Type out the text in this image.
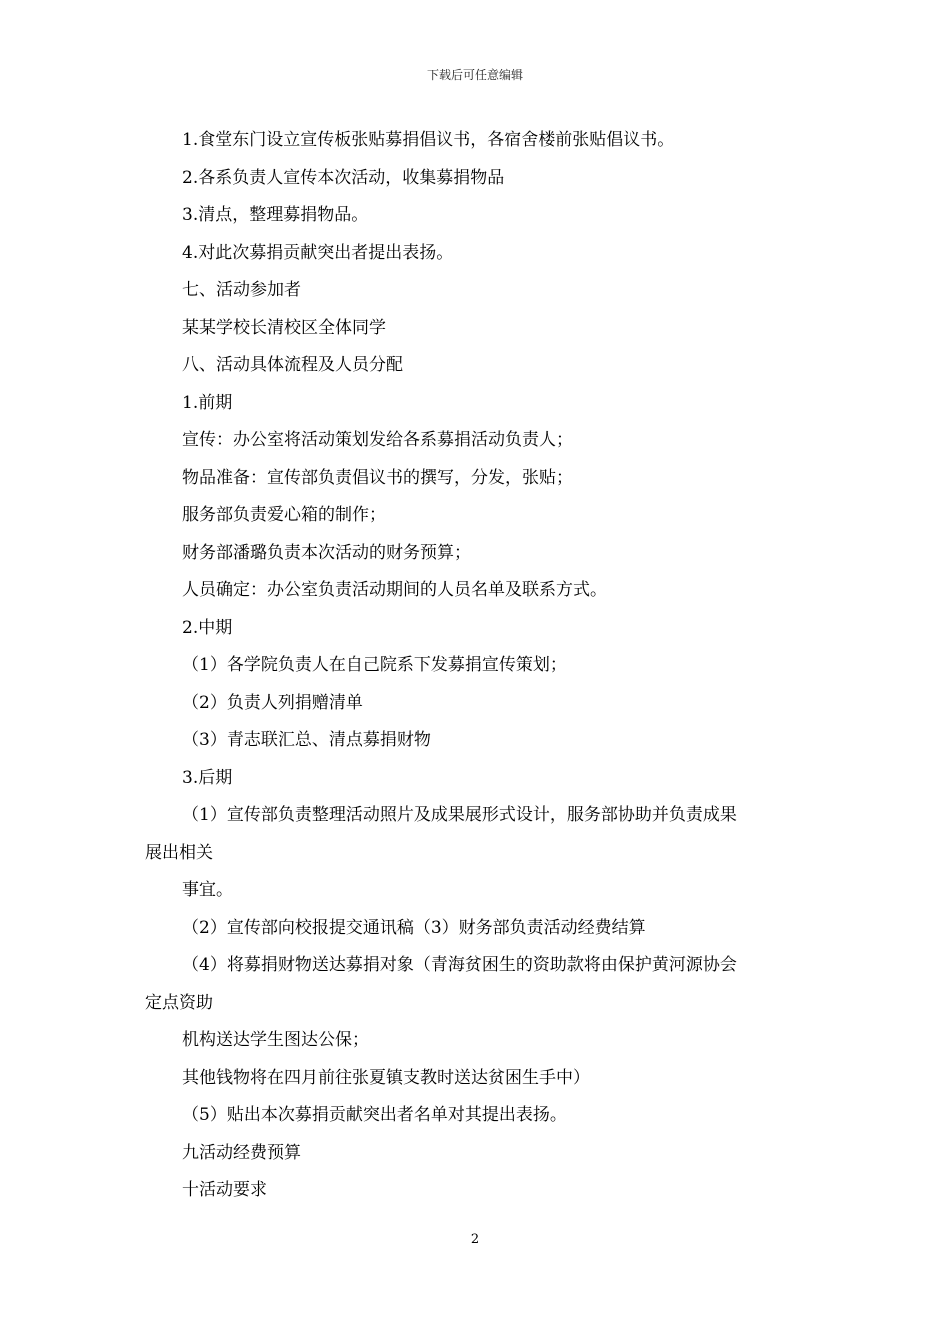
下载后可任意编辑
1.食堂东门设立宣传板张贴募捐倡议书，各宿舍楼前张贴倡议书。
2.各系负责人宣传本次活动，收集募捐物品
3.清点，整理募捐物品。
4.对此次募捐贡献突出者提出表扬。
七、活动参加者
某某学校长清校区全体同学
八、活动具体流程及人员分配
1.前期
宣传：办公室将活动策划发给各系募捐活动负责人；
物品准备：宣传部负责倡议书的撰写，分发，张贴；
服务部负责爱心箱的制作；
财务部潘璐负责本次活动的财务预算；
人员确定：办公室负责活动期间的人员名单及联系方式。
2.中期
（1）各学院负责人在自己院系下发募捐宣传策划；
（2）负责人列捐赠清单
（3）青志联汇总、清点募捐财物
3.后期
（1）宣传部负责整理活动照片及成果展形式设计，服务部协助并负责成果
展出相关
事宜。
（2）宣传部向校报提交通讯稿（3）财务部负责活动经费结算
（4）将募捐财物送达募捐对象（青海贫困生的资助款将由保护黄河源协会
定点资助
机构送达学生图达公保；
其他钱物将在四月前往张夏镇支教时送达贫困生手中）
（5）贴出本次募捐贡献突出者名单对其提出表扬。
九活动经费预算
十活动要求
2
